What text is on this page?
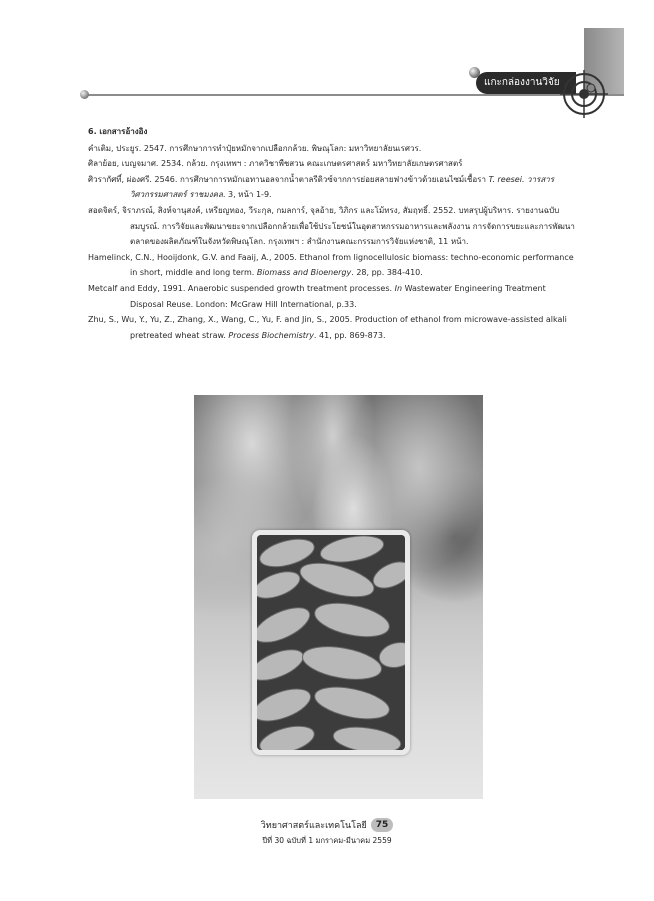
แกะกล่องงานวิจัย
6. เอกสารอ้างอิง
คำเติม, ประยูร. 2547. การศึกษาการทำปุ๋ยหมักจากเปลือกกล้วย. พิษณุโลก: มหาวิทยาลัยนเรศวร.
ศิลาย้อย, เบญจมาศ. 2534. กล้วย. กรุงเทพฯ : ภาควิชาพืชสวน คณะเกษตรศาสตร์ มหาวิทยาลัยเกษตรศาสตร์
ศิวรากัศที์, ผ่องศรี. 2546. การศึกษาการหมักเอทานอลจากน้ำตาลรีดิวซ์จากการย่อยสลายฟางข้าวด้วยเอนไซม์เชื้อรา T. reesei. วารสารวิศวกรรมศาสตร์ ราชมงคล. 3, หน้า 1-9.
สอดจิตร์, จิราภรณ์, สิงห์จานุสงค์, เหรียญทอง, วีระกุล, กมลการ์, จุลอ้าย, วิภิกร และโม้ทรง, สัมฤทธิ์. 2552. บทสรุปผู้บริหาร. รายงานฉบับสมบูรณ์. การวิจัยและพัฒนาขยะจากเปลือกกล้วยเพื่อใช้ประโยชน์ในอุตสาหกรรมอาหารและพลังงาน การจัดการขยะและการพัฒนาตลาดของผลิตภัณฑ์ในจังหวัดพิษณุโลก. กรุงเทพฯ : สำนักงานคณะกรรมการวิจัยแห่งชาติ, 11 หน้า.
Hamelinck, C.N., Hooijdonk, G.V. and Faaij, A., 2005. Ethanol from lignocellulosic biomass: techno-economic performance in short, middle and long term. Biomass and Bioenergy. 28, pp. 384-410.
Metcalf and Eddy, 1991. Anaerobic suspended growth treatment processes. In Wastewater Engineering Treatment Disposal Reuse. London: McGraw Hill International, p.33.
Zhu, S., Wu, Y., Yu, Z., Zhang, X., Wang, C., Yu, F. and Jin, S., 2005. Production of ethanol from microwave-assisted alkali pretreated wheat straw. Process Biochemistry. 41, pp. 869-873.
วิทยาศาสตร์และเทคโนโลยี	75
ปีที่ 30 ฉบับที่ 1 มกราคม-มีนาคม 2559
